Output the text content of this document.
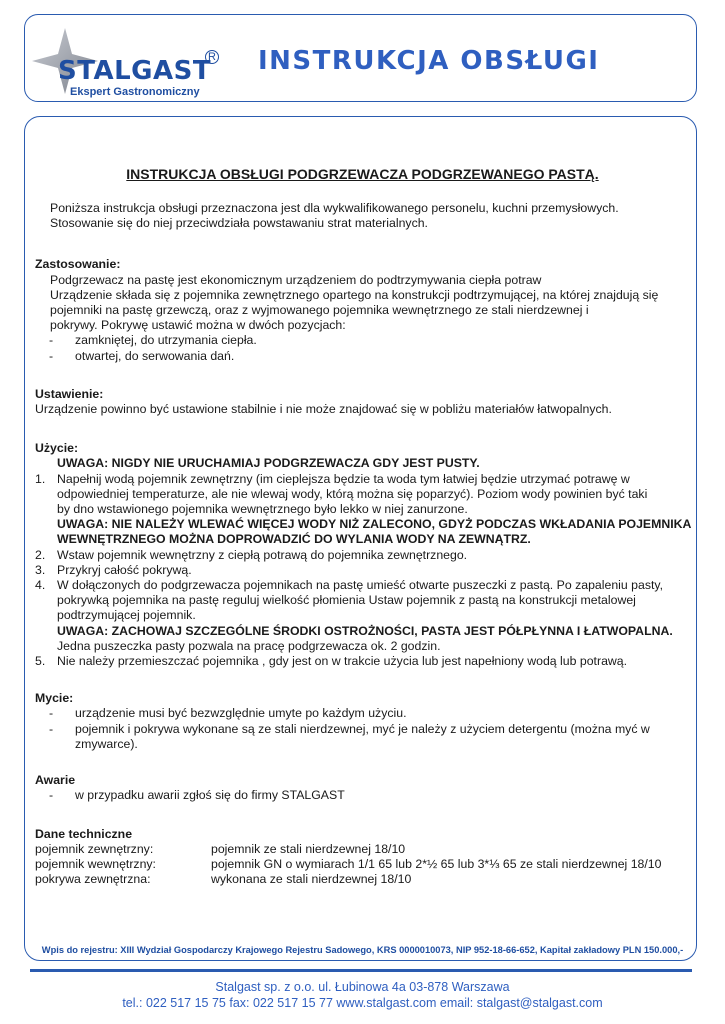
STALGAST
R
Ekspert Gastronomiczny
INSTRUKCJA OBSŁUGI
INSTRUKCJA OBSŁUGI PODGRZEWACZA PODGRZEWANEGO PASTĄ.

Poniższa instrukcja obsługi przeznaczona jest dla wykwalifikowanego personelu, kuchni przemysłowych.

Stosowanie się do niej przeciwdziała powstawaniu strat materialnych.

Zastosowanie:

Podgrzewacz na pastę jest ekonomicznym urządzeniem do podtrzymywania ciepła potraw

Urządzenie składa się z pojemnika zewnętrznego opartego na konstrukcji podtrzymującej, na której znajdują się

pojemniki na pastę grzewczą, oraz z wyjmowanego pojemnika wewnętrznego ze stali nierdzewnej i

pokrywy. Pokrywę ustawić można w dwóch pozycjach:

- zamkniętej, do utrzymania ciepła.

- otwartej, do serwowania dań.

Ustawienie:

Urządzenie powinno być ustawione stabilnie i nie może znajdować się w pobliżu materiałów łatwopalnych.

Użycie:

UWAGA: NIGDY NIE URUCHAMIAJ PODGRZEWACZA GDY JEST PUSTY.

1. Napełnij wodą pojemnik zewnętrzny (im cieplejsza będzie ta woda tym łatwiej będzie utrzymać potrawę w

odpowiedniej temperaturze, ale nie wlewaj wody, którą można się poparzyć). Poziom wody powinien być taki

by dno wstawionego pojemnika wewnętrznego było lekko w niej zanurzone.

UWAGA: NIE NALEŻY WLEWAĆ WIĘCEJ WODY NIŻ ZALECONO, GDYŻ PODCZAS WKŁADANIA POJEMNIKA

WEWNĘTRZNEGO MOŻNA DOPROWADZIĆ DO WYLANIA WODY NA ZEWNĄTRZ.

2. Wstaw pojemnik wewnętrzny z ciepłą potrawą do pojemnika zewnętrznego.

3. Przykryj całość pokrywą.

4. W dołączonych do podgrzewacza pojemnikach na pastę umieść otwarte puszeczki z pastą. Po zapaleniu pasty,

pokrywką pojemnika na pastę reguluj wielkość płomienia Ustaw pojemnik z pastą na konstrukcji metalowej

podtrzymującej pojemnik.

UWAGA: ZACHOWAJ SZCZEGÓLNE ŚRODKI OSTROŻNOŚCI, PASTA JEST PÓŁPŁYNNA I ŁATWOPALNA.

Jedna puszeczka pasty pozwala na pracę podgrzewacza ok. 2 godzin.

5. Nie należy przemieszczać pojemnika , gdy jest on w trakcie użycia lub jest napełniony wodą lub potrawą.

Mycie:

- urządzenie musi być bezwzględnie umyte po każdym użyciu.

- pojemnik i pokrywa wykonane są ze stali nierdzewnej, myć je należy z użyciem detergentu (można myć w

zmywarce).

Awarie

- w przypadku awarii zgłoś się do firmy STALGAST

Dane techniczne

pojemnik zewnętrzny:	pojemnik ze stali nierdzewnej 18/10
pojemnik wewnętrzny:	pojemnik GN o wymiarach 1/1 65 lub 2*½ 65 lub 3*⅓ 65 ze stali nierdzewnej 18/10
pokrywa zewnętrzna:	wykonana ze stali nierdzewnej 18/10
Wpis do rejestru: XIII Wydział Gospodarczy Krajowego Rejestru Sadowego, KRS 0000010073, NIP 952-18-66-652, Kapitał zakładowy PLN 150.000,-
Stalgast sp. z o.o. ul. Łubinowa 4a 03-878 Warszawa
tel.: 022 517 15 75 fax: 022 517 15 77 www.stalgast.com email: stalgast@stalgast.com
